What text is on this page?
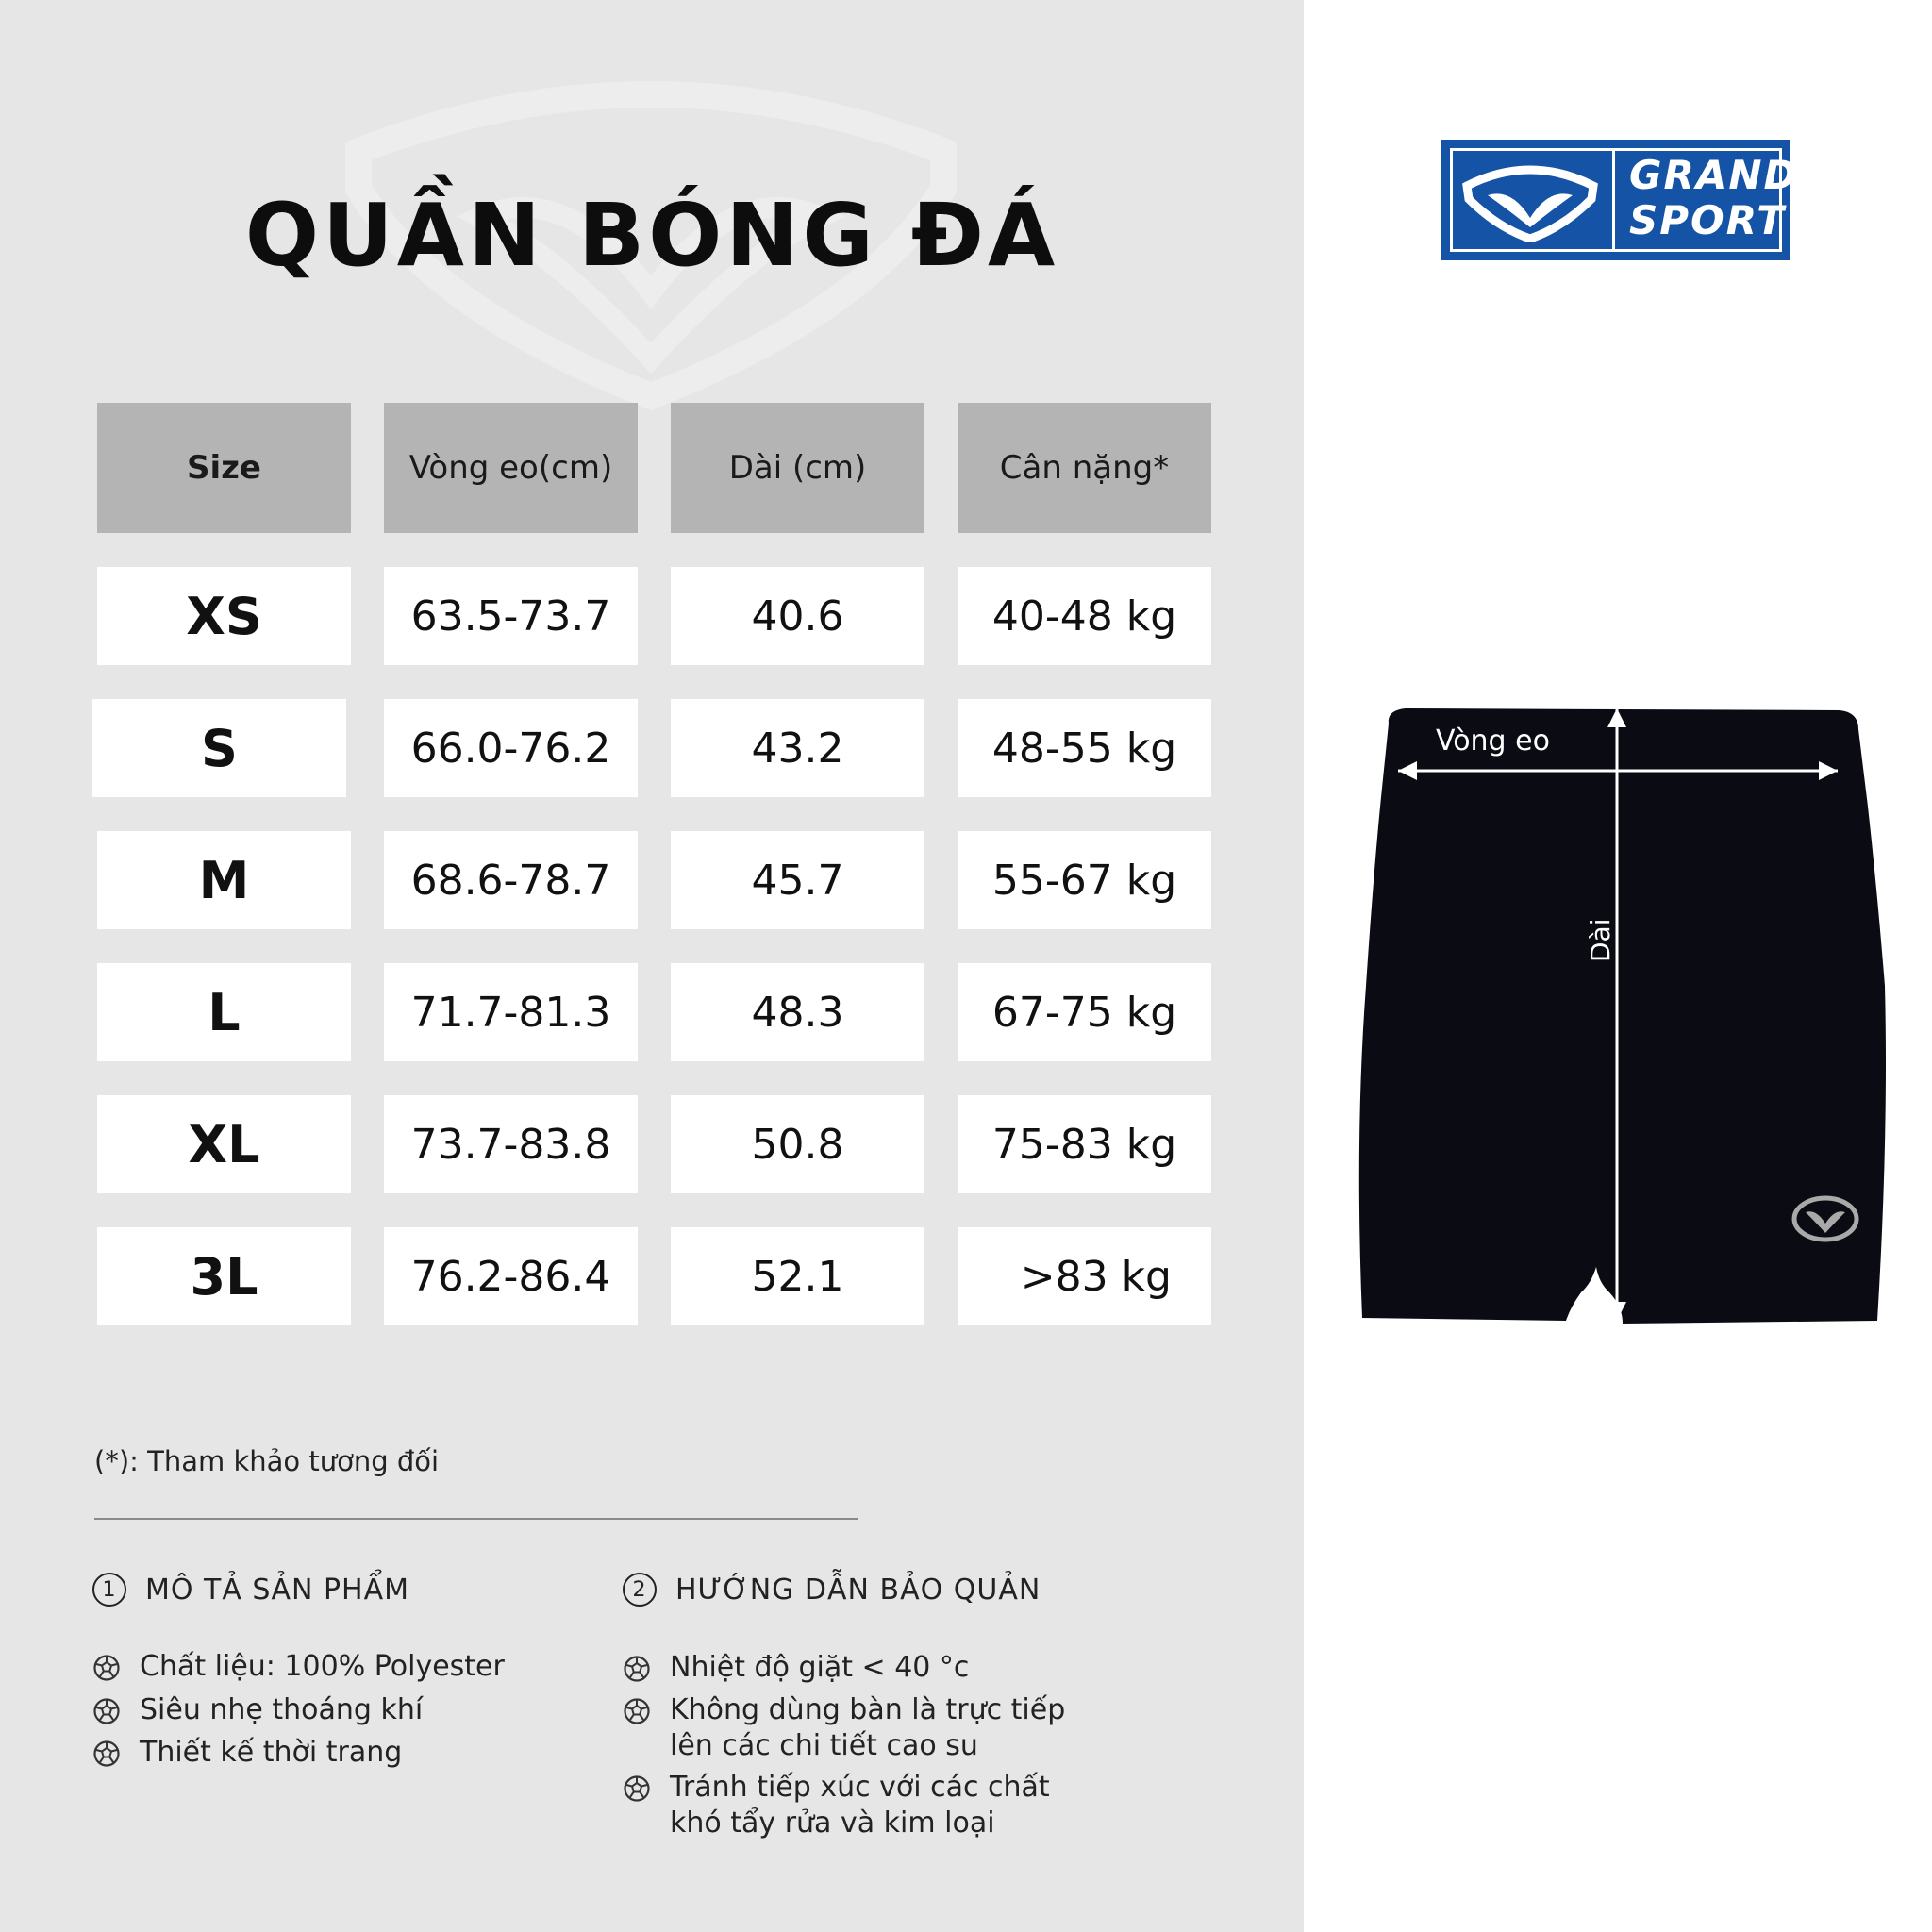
QUẦN BÓNG ĐÁ
Size	Vòng eo(cm)	Dài (cm)	Cân nặng*
XS	63.5-73.7	40.6	40-48 kg
S	66.0-76.2	43.2	48-55 kg
M	68.6-78.7	45.7	55-67 kg
L	71.7-81.3	48.3	67-75 kg
XL	73.7-83.8	50.8	75-83 kg
3L	76.2-86.4	52.1	>83 kg
(*): Tham khảo tương đối
1	MÔ TẢ SẢN PHẨM
Chất liệu: 100% Polyester
Siêu nhẹ thoáng khí
Thiết kế thời trang
2	HƯỚNG DẪN BẢO QUẢN
Nhiệt độ giặt < 40 °c
Không dùng bàn là trực tiếp
lên các chi tiết cao su
Tránh tiếp xúc với các chất
khó tẩy rửa và kim loại
GRAND
SPORT
Vòng eo
Dài
